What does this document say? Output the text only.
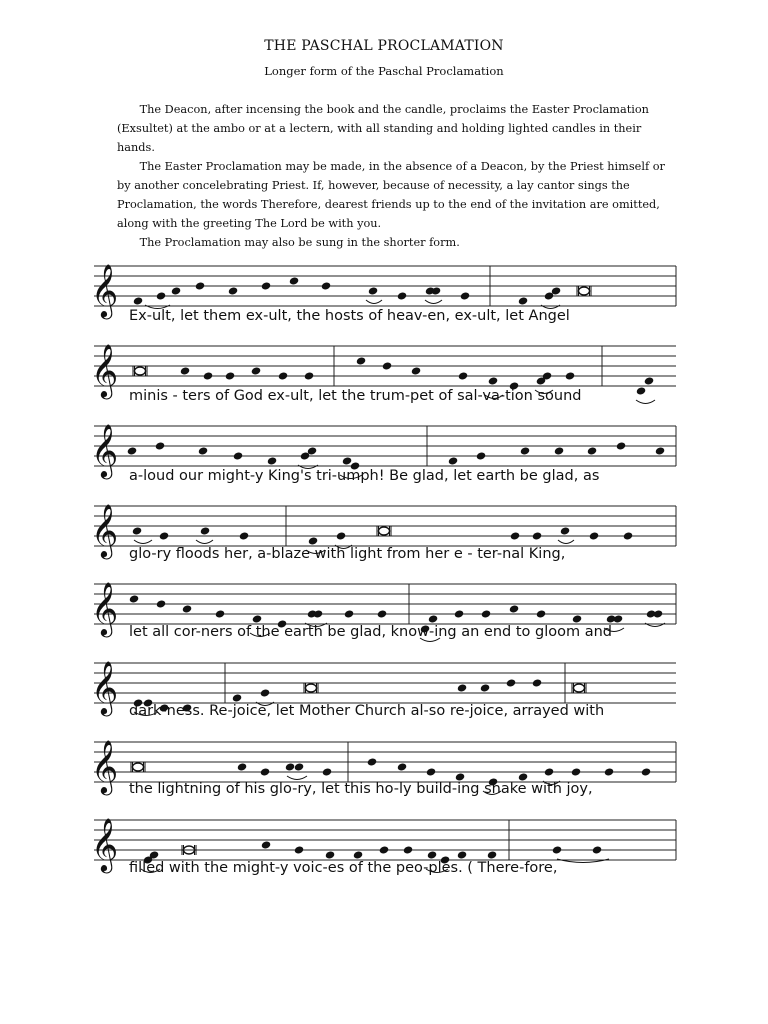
THE PASCHAL PROCLAMATION
Longer form of the Paschal Proclamation
  The Deacon, after incensing the book and the candle, proclaims the Easter Proclamation
(Exsultet) at the ambo or at a lectern, with all standing and holding lighted candles in their
hands.
  The Easter Proclamation may be made, in the absence of a Deacon, by the Priest himself or
by another concelebrating Priest. If, however, because of necessity, a lay cantor sings the
Proclamation, the words Therefore, dearest friends up to the end of the invitation are omitted,
along with the greeting The Lord be with you.
  The Proclamation may also be sung in the shorter form.
𝄞 Ex-ult, let them ex-ult, the hosts of heav-en, ex-ult, let Angel
𝄞 minis - ters of God ex-ult, let the trum-pet of sal-va-tion sound
𝄞 a-loud our might-y King's tri-umph! Be glad, let earth be glad, as
𝄞 glo-ry floods her, a-blaze with light from her e - ter-nal King,
𝄞 let all cor-ners of the earth be glad, know-ing an end to gloom and
𝄞 dark-ness. Re-joice, let Mother Church al-so re-joice, arrayed with
𝄞 the lightning of his glo-ry, let this ho-ly build-ing shake with joy,
𝄞 filled with the might-y voic-es of the peo-ples. ( There-fore,
